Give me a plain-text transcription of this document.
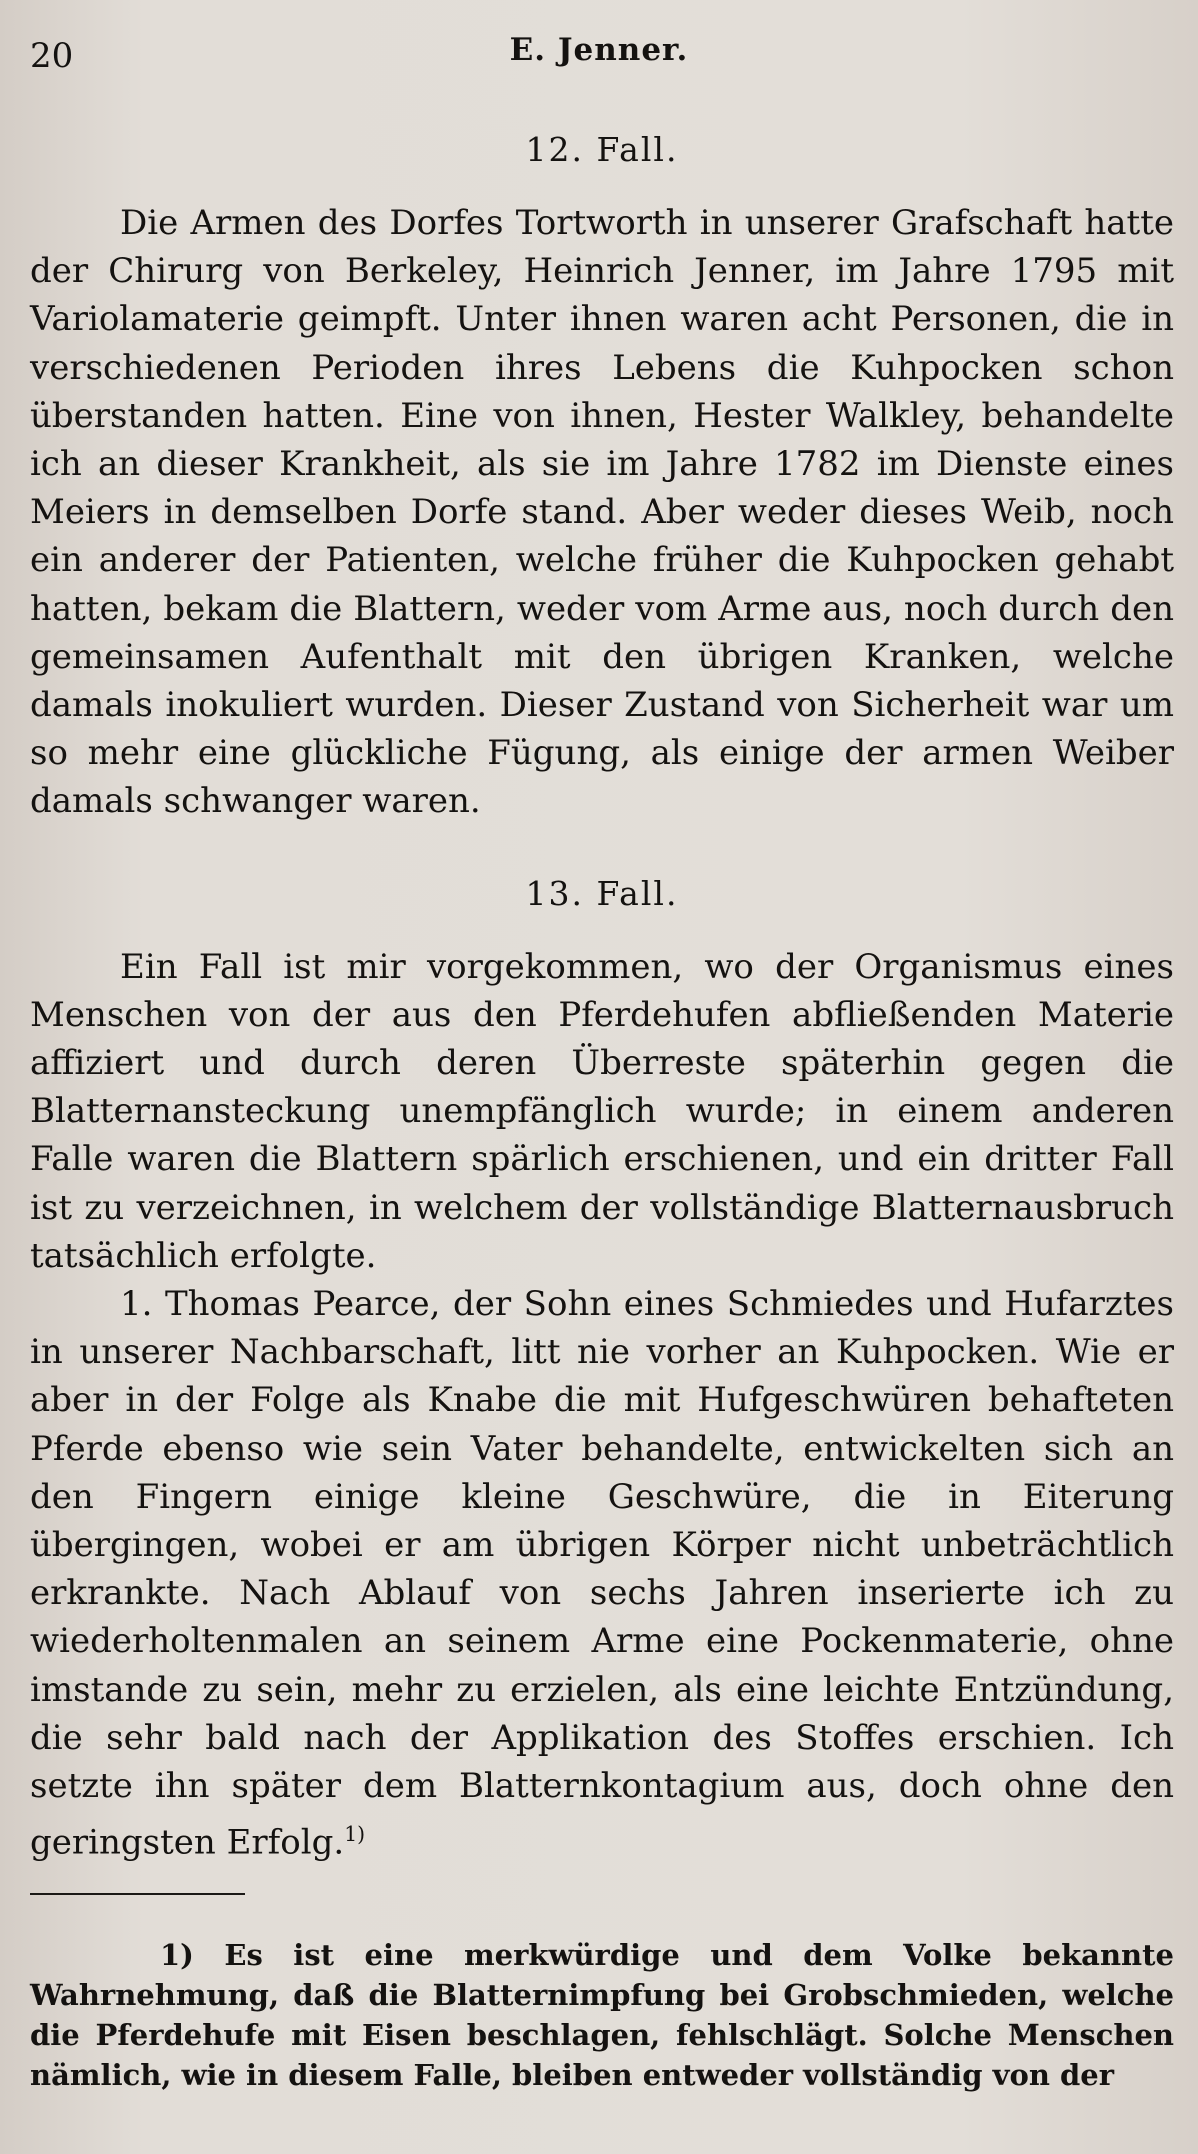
20	E. Jenner.
12. Fall.

Die Armen des Dorfes Tortworth in unserer Grafschaft hatte der Chirurg von Berkeley, Heinrich Jenner, im Jahre 1795 mit Variolamaterie geimpft. Unter ihnen waren acht Personen, die in verschiedenen Perioden ihres Lebens die Kuhpocken schon überstanden hatten. Eine von ihnen, Hester Walkley, behandelte ich an dieser Krankheit, als sie im Jahre 1782 im Dienste eines Meiers in demselben Dorfe stand. Aber weder dieses Weib, noch ein anderer der Patienten, welche früher die Kuhpocken gehabt hatten, bekam die Blattern, weder vom Arme aus, noch durch den gemeinsamen Aufenthalt mit den übrigen Kranken, welche damals inokuliert wurden. Dieser Zustand von Sicherheit war um so mehr eine glückliche Fügung, als einige der armen Weiber damals schwanger waren.

13. Fall.

Ein Fall ist mir vorgekommen, wo der Organismus eines Menschen von der aus den Pferdehufen abfließenden Materie affiziert und durch deren Überreste späterhin gegen die Blatternansteckung unempfänglich wurde; in einem anderen Falle waren die Blattern spärlich erschienen, und ein dritter Fall ist zu verzeichnen, in welchem der vollständige Blatternausbruch tatsächlich erfolgte.

1. Thomas Pearce, der Sohn eines Schmiedes und Hufarztes in unserer Nachbarschaft, litt nie vorher an Kuhpocken. Wie er aber in der Folge als Knabe die mit Hufgeschwüren behafteten Pferde ebenso wie sein Vater behandelte, entwickelten sich an den Fingern einige kleine Geschwüre, die in Eiterung übergingen, wobei er am übrigen Körper nicht unbeträchtlich erkrankte. Nach Ablauf von sechs Jahren inserierte ich zu wiederholtenmalen an seinem Arme eine Pockenmaterie, ohne imstande zu sein, mehr zu erzielen, als eine leichte Entzündung, die sehr bald nach der Applikation des Stoffes erschien. Ich setzte ihn später dem Blatternkontagium aus, doch ohne den geringsten Erfolg.$^{1)}$

1) Es ist eine merkwürdige und dem Volke bekannte Wahrnehmung, daß die Blatternimpfung bei Grobschmieden, welche die Pferdehufe mit Eisen beschlagen, fehlschlägt. Solche Menschen nämlich, wie in diesem Falle, bleiben entweder vollständig von der
